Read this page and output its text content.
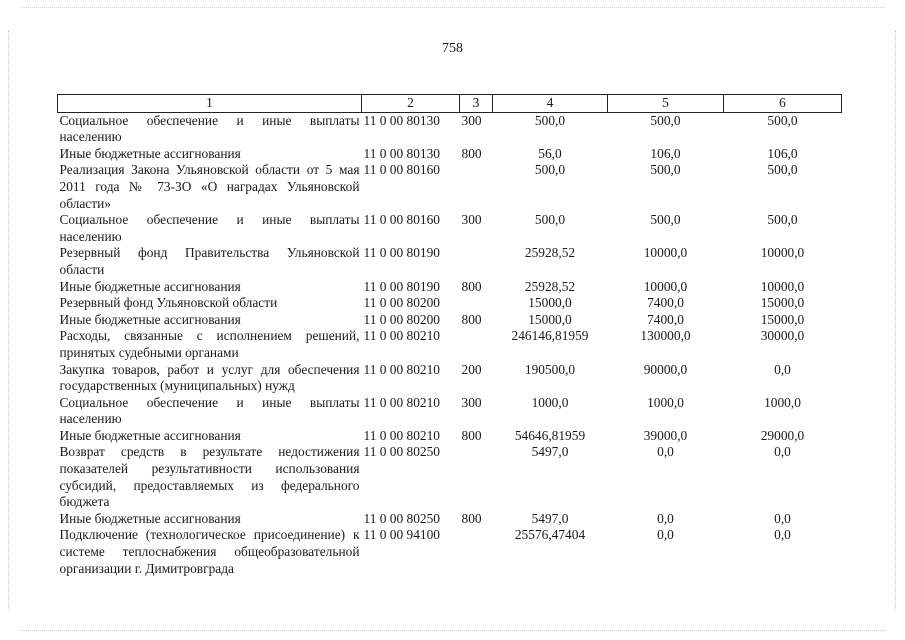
758
1	2	3	4	5	6
Социальное обеспечение и иные выплаты населению	11 0 00 80130	300	500,0	500,0	500,0
Иные бюджетные ассигнования	11 0 00 80130	800	56,0	106,0	106,0
Реализация Закона Ульяновской области от 5 мая 2011 года № 73-ЗО «О наградах Ульяновской области»	11 0 00 80160		500,0	500,0	500,0
Социальное обеспечение и иные выплаты населению	11 0 00 80160	300	500,0	500,0	500,0
Резервный фонд Правительства Ульяновской области	11 0 00 80190		25928,52	10000,0	10000,0
Иные бюджетные ассигнования	11 0 00 80190	800	25928,52	10000,0	10000,0
Резервный фонд Ульяновской области	11 0 00 80200		15000,0	7400,0	15000,0
Иные бюджетные ассигнования	11 0 00 80200	800	15000,0	7400,0	15000,0
Расходы, связанные с исполнением решений, принятых судебными органами	11 0 00 80210		246146,81959	130000,0	30000,0
Закупка товаров, работ и услуг для обеспечения государственных (муниципальных) нужд	11 0 00 80210	200	190500,0	90000,0	0,0
Социальное обеспечение и иные выплаты населению	11 0 00 80210	300	1000,0	1000,0	1000,0
Иные бюджетные ассигнования	11 0 00 80210	800	54646,81959	39000,0	29000,0
Возврат средств в результате недостижения показателей результативности использования субсидий, предоставляемых из федерального бюджета	11 0 00 80250		5497,0	0,0	0,0
Иные бюджетные ассигнования	11 0 00 80250	800	5497,0	0,0	0,0
Подключение (технологическое присоединение) к системе теплоснабжения общеобразовательной организации г. Димитровграда	11 0 00 94100		25576,47404	0,0	0,0
